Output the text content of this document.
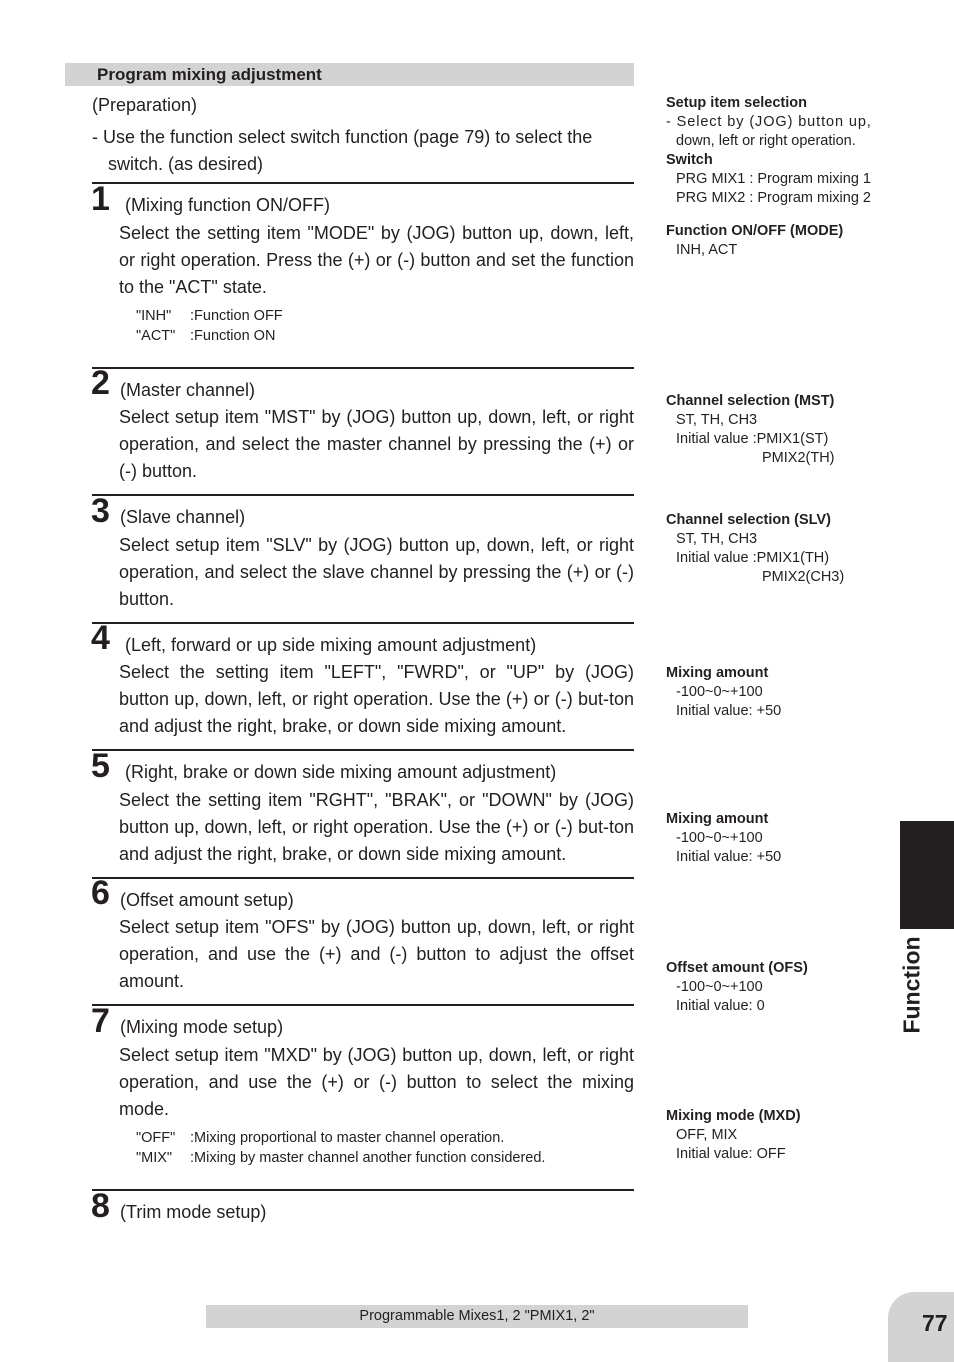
Program mixing adjustment
(Preparation)
- Use the function select switch function (page 79) to select the
switch. (as desired)
1 (Mixing function ON/OFF)
Select the setting item "MODE" by (JOG) button up, down, left, or right operation. Press the (+) or (-) button and set the function to the "ACT" state.
"INH"	:Function OFF
"ACT"	:Function ON
2 (Master channel)
Select setup item "MST" by (JOG) button up, down, left, or right operation, and select the master channel by pressing the (+) or (-) button.
3 (Slave channel)
Select setup item "SLV" by (JOG) button up, down, left, or right operation, and select the slave channel by pressing the (+) or (-) button.
4 (Left, forward or up side mixing amount adjustment)
Select the setting item "LEFT", "FWRD", or "UP" by (JOG) button up, down, left, or right operation. Use the (+) or (-) but-ton and adjust the right, brake, or down side mixing amount.
5 (Right, brake or down side mixing amount adjustment)
Select the setting item "RGHT", "BRAK", or "DOWN" by (JOG) button up, down, left, or right operation. Use the (+) or (-) but-ton and adjust the right, brake, or down side mixing amount.
6 (Offset amount setup)
Select setup item "OFS" by (JOG) button up, down, left, or right operation, and use the (+) and (-) button to adjust the offset amount.
7 (Mixing mode setup)
Select setup item "MXD" by (JOG) button up, down, left, or right operation, and use the (+) or (-) button to select the mixing mode.
"OFF"	:Mixing proportional to master channel operation.
"MIX"	:Mixing by master channel another function considered.
8 (Trim mode setup)
Setup item selection
- Select by (JOG) button up,
down, left or right operation.
Switch
PRG MIX1 : Program mixing 1
PRG MIX2 : Program mixing 2
Function ON/OFF (MODE)
INH, ACT
Channel selection (MST)
ST, TH, CH3
Initial value :PMIX1(ST)
PMIX2(TH)
Channel selection (SLV)
ST, TH, CH3
Initial value :PMIX1(TH)
PMIX2(CH3)
Mixing amount
-100~0~+100
Initial value: +50
Mixing amount
-100~0~+100
Initial value: +50
Offset amount (OFS)
-100~0~+100
Initial value: 0
Mixing mode (MXD)
OFF, MIX
Initial value: OFF
Function
Programmable Mixes1, 2 "PMIX1, 2"	77
